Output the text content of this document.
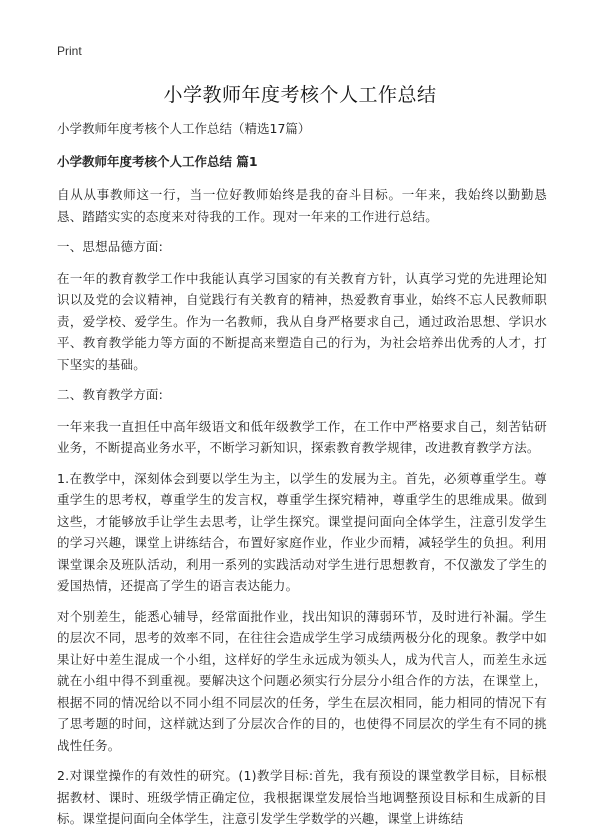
Print
小学教师年度考核个人工作总结

小学教师年度考核个人工作总结（精选17篇）

小学教师年度考核个人工作总结 篇1

自从从事教师这一行，当一位好教师始终是我的奋斗目标。一年来，我始终以勤勤恳恳、踏踏实实的态度来对待我的工作。现对一年来的工作进行总结。

一、思想品德方面:

在一年的教育教学工作中我能认真学习国家的有关教育方针，认真学习党的先进理论知识以及党的会议精神，自觉践行有关教育的精神，热爱教育事业，始终不忘人民教师职责，爱学校、爱学生。作为一名教师，我从自身严格要求自己，通过政治思想、学识水平、教育教学能力等方面的不断提高来塑造自己的行为，为社会培养出优秀的人才，打下坚实的基础。

二、教育教学方面:

一年来我一直担任中高年级语文和低年级教学工作，在工作中严格要求自己，刻苦钻研业务，不断提高业务水平，不断学习新知识，探索教育教学规律，改进教育教学方法。

1.在教学中，深刻体会到要以学生为主，以学生的发展为主。首先，必须尊重学生。尊重学生的思考权，尊重学生的发言权，尊重学生探究精神，尊重学生的思维成果。做到这些，才能够放手让学生去思考，让学生探究。课堂提问面向全体学生，注意引发学生的学习兴趣，课堂上讲练结合，布置好家庭作业，作业少而精，减轻学生的负担。利用课堂课余及班队活动，利用一系列的实践活动对学生进行思想教育，不仅激发了学生的爱国热情，还提高了学生的语言表达能力。

对个别差生，能悉心辅导，经常面批作业，找出知识的薄弱环节，及时进行补漏。学生的层次不同，思考的效率不同，在往往会造成学生学习成绩两极分化的现象。教学中如果让好中差生混成一个小组，这样好的学生永远成为领头人，成为代言人，而差生永远就在小组中得不到重视。要解决这个问题必须实行分层分小组合作的方法，在课堂上，根据不同的情况给以不同小组不同层次的任务，学生在层次相同，能力相同的情况下有了思考题的时间，这样就达到了分层次合作的目的，也使得不同层次的学生有不同的挑战性任务。

2.对课堂操作的有效性的研究。(1)教学目标:首先，我有预设的课堂教学目标，目标根据教材、课时、班级学情正确定位，我根据课堂发展恰当地调整预设目标和生成新的目标。课堂提问面向全体学生，注意引发学生学数学的兴趣，课堂上讲练结
